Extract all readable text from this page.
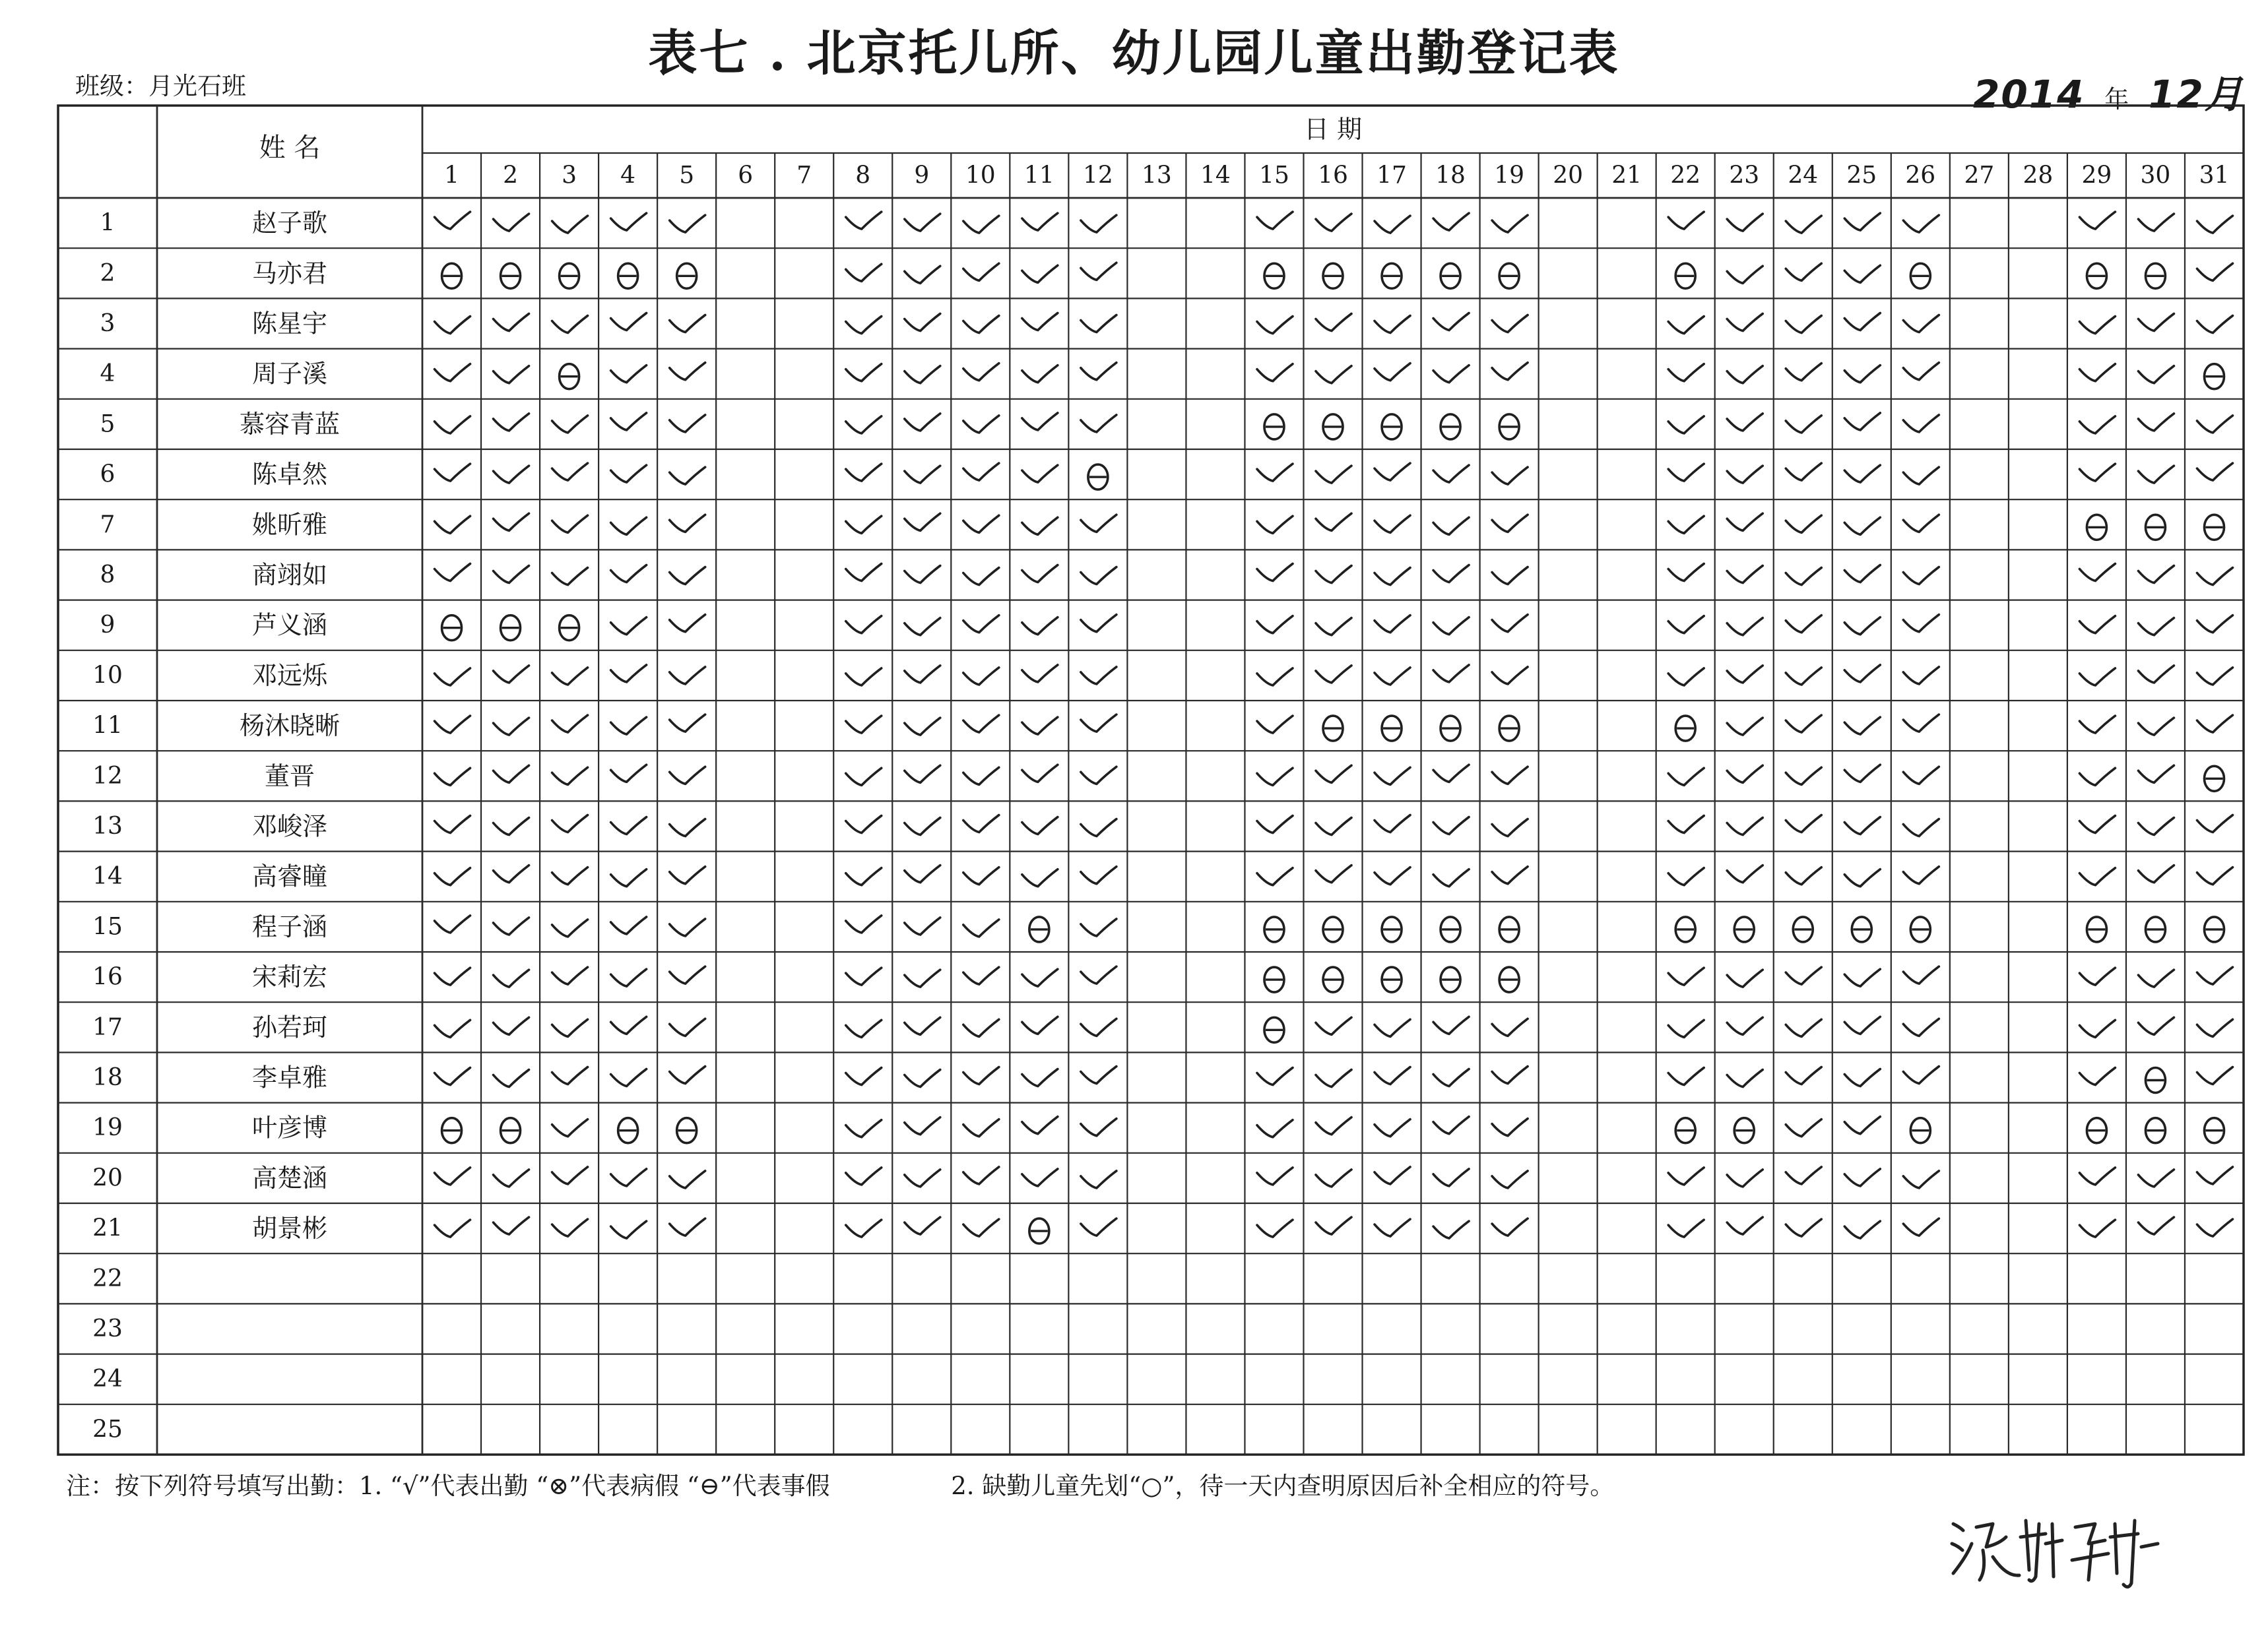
表七 . 北京托儿所、幼儿园儿童出勤登记表
班级：月光石班	2014 年 12月
姓 名
日 期
1 2 3 4 5 6 7 8 9 10 11 12 13 14 15 16 17 18 19 20 21 22 23 24 25 26 27 28 29 30 31
1
2
3
4
5
6
7
8
9
10
11
12
13
14
15
16
17
18
19
20
21
22
23
24
25
赵子歌
马亦君
陈星宇
周子溪
慕容青蓝
陈卓然
姚昕雅
商翊如
芦义涵
邓远烁
杨沐晓晰
董晋
邓峻泽
高睿瞳
程子涵
宋莉宏
孙若珂
李卓雅
叶彦博
高楚涵
胡景彬
注：按下列符号填写出勤：1. “√”代表出勤 “⊗”代表病假 “⊖”代表事假	2. 缺勤儿童先划“○”，待一天内查明原因后补全相应的符号。
